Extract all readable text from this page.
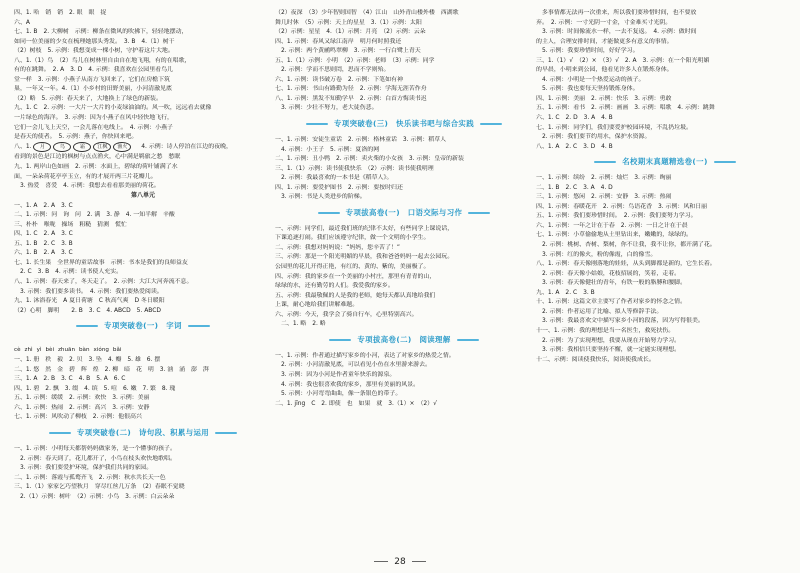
四、1. 哈　销　销　2. 眼　眼　捉
六、A
七、1. B　2. 大柳树　示例：柳条在微风的吹拂下，轻轻地摆动，
如同一位美丽的少女在梳理她那头秀发。　3. B　4.（1）树干
（2）树枝　5. 示例：我想变成一棵小树，守护着这片大地。
八、1.（1）鸟　（2）鸟儿在树林里自由自在地飞翔，有的在唱歌，
有的在跳舞。　2. A　3. D　4. 示例：我喜欢在公园里看鸟儿
堂一样　3. 示例：小燕子从南方飞回来了，它们在房檐下筑
巢，一年又一年。4.（1）小乡村的田野美丽，小河清澈见底
（2）略　5. 示例：春天来了，大地换上了绿色的新装。
九、1. C　2. 示例：一大片一大片的小麦绿油油的。风一吹，远远看去就像
一片绿色的海洋。　3. 示例：因为小燕子在风中轻快地飞行，
它们一会儿飞上天空，一会儿落在电线上。　4. 示例：小燕子
是春天的使者。　5. 示例：燕子，你快回来吧。
八、1. 月	鸟	霜 江枫 渔火 　4. 示例：诗人停泊在江边的夜晚，
看到的景色是江边的枫树与点点渔火，心中满是羁旅之愁　愁眠
九、1. 两岸山色如画　2. 示例：水面上，碧绿的荷叶铺满了水
面，一朵朵荷花亭亭玉立，有的才展开两三片花瓣儿。
　3. 热爱　喜爱　4. 示例：我想去看看那美丽的荷花。
第八单元
一、1. A　2. A　3. C
二、1. 示例：问　询　问　2. 满　3. 静　4. 一知半解　辛酸
三、朴朴　喉咙　操场　粗糙　猜测　慌忙
四、1. C　2. A　3. C
五、1. B　2. C　3. B
六、1. B　2. A　3. C
七、1. 长生果　全世界的童话故事　示例：书本是我们的良师益友
　2. C　3. B　4. 示例：读书使人充实。
八、1. 示例：春天来了，冬天走了。　2. 示例：大江大河奔流不息。
　3. 示例：我们要多读书。　4. 示例：我们要热爱阅读。
九、1. 沐浴春光　A 夏日荷塘　C 秋高气爽　D 冬日暖阳
（2）心明　脚明　　2. B　3. C　4. ABCD　5. ABCD
专项突破卷(一)　字词
cè zhì yì bèi zhuān bàn xióng bǎi
一、1. 册　秩　毅　2. 贝　3. 坠　4. 瓣　5. 雄　6. 摆
二、1. 悠　然　金　碧　辉　煌　2. 柳　暗　花　明　3. 汹　涌　澎　湃
三、1. A　2. B　3. C　4. B　5. A　6. C
四、1. 碧　2. 飘　3. 缀　4. 缤　5. 喧　6. 嫩　7. 繁　8. 瑰
五、1. 示例：缓缓　2. 示例：欢快　3. 示例：美丽
六、1. 示例：热闹　2. 示例：高兴　3. 示例：安静
七、1. 示例：风吹动了柳枝　2. 示例：他很高兴
专项突破卷(二)　诗句段、积累与运用
一、1. 示例：小明每天都帮妈妈做家务，是一个懂事的孩子。
　2. 示例：春天到了，花儿都开了，小鸟在枝头欢快地歌唱。
　3. 示例：我们要爱护环境，保护我们共同的家园。
二、1. 示例：落霞与孤鹜齐飞　2. 示例：秋水共长天一色
三、1.（1）家家乞巧望秋月　穿尽红丝几万条　（2）春眠不觉晓
　2.（1）示例：树叶　（2）示例：小鸟　3. 示例：白云朵朵
（2）夜深　（3）少年智则国智　（4）江山　山外青山楼外楼　西湖歌
舞几时休　（5）示例：天上的星星　3.（1）示例：太阳
（2）示例：星星　4.（1）示例：月亮　（2）示例：云朵
四、1. 示例：春风又绿江南岸　明月何时照我还
　2. 示例：两个黄鹂鸣翠柳　3. 示例：一行白鹭上青天
五、1.（1）示例：小明　（2）示例：老师　（3）示例：同学
　2. 示例：学而不思则罔，思而不学则殆。
六、1. 示例：读书破万卷　2. 示例：下笔如有神
七、1. 示例：书山有路勤为径　2. 示例：学海无涯苦作舟
八、1. 示例：黑发不知勤学早　2. 示例：白首方悔读书迟
　3. 示例：少壮不努力，老大徒伤悲。
专项突破卷(三)　快乐读书吧与综合实践
一、1. 示例：安徒生童话　2. 示例：格林童话　3. 示例：稻草人
　4. 示例：小王子　5. 示例：夏洛的网
二、1. 示例：丑小鸭　2. 示例：卖火柴的小女孩　3. 示例：皇帝的新装
三、1.（1）示例：读书使我快乐　（2）示例：读书使我明理
　2. 示例：我最喜欢的一本书是《稻草人》。
四、1. 示例：要爱护图书　2. 示例：要按时归还
　3. 示例：书是人类进步的阶梯。
专项拔高卷(一)　口语交际与习作
一、示例：同学们，最近我们班的纪律不太好，有些同学上课说话，
下课追逐打闹。我们应该遵守纪律，做一个文明的小学生。
二、示例：我想对妈妈说：“妈妈，您辛苦了！”
三、示例：那是一个阳光明媚的早晨，我和爸爸妈妈一起去公园玩。
公园里的花儿开得正艳，有红的、黄的、紫的，美丽极了。
四、示例：我的家乡在一个美丽的小村庄，那里有青青的山，
绿绿的水，还有勤劳的人们。我爱我的家乡。
五、示例：我最敬佩的人是我的老师，她每天都认真地给我们
上课，耐心地给我们讲解难题。
六、示例：今天，我学会了骑自行车，心里特别高兴。
　二、1. 略　2. 略
专项拔高卷(二)　阅读理解
一、1. 示例：作者通过描写家乡的小河，表达了对家乡的热爱之情。
　2. 示例：小河清澈见底，可以看见小鱼在水里游来游去。
　3. 示例：因为小河是作者童年快乐的源泉。
　4. 示例：我也很喜欢我的家乡，那里有美丽的风景。
　5. 示例：小河弯弯曲曲，像一条银色的带子。
二、1. jīng　C　2. 即使　也　如果　就　3.（1）×　（2）√
　多事情都无法再一次重来，所以我们要珍惜时间，也不要放
弃。　2. 示例：一寸光阴一寸金，寸金难买寸光阴。
　3. 示例：时间像流水一样，一去不复返。　4. 示例：做时间
的主人，合理安排时间，才能做更多有意义的事情。
　5. 示例：我要珍惜时间，好好学习。
三、1.（1）√　（2）×　（3）√　2. A　3. 示例：在一个阳光明媚
的早晨，小明来到公园，他看见许多人在锻炼身体。
　4. 示例：小明是一个热爱运动的孩子。
　5. 示例：我也要每天坚持锻炼身体。
四、1. 示例：美丽　2. 示例：快乐　3. 示例：勇敢
五、1. 示例：看书　2. 示例：画画　3. 示例：唱歌　4. 示例：跳舞
六、1. C　2. D　3. A　4. B
七、1. 示例：同学们，我们要爱护校园环境，不乱扔垃圾。
　2. 示例：我们要节约用水，保护水资源。
八、1. A　2. C　3. D　4. B
名校期末真题精选卷(一)
一、1. 示例：缤纷　2. 示例：灿烂　3. 示例：绚丽
二、1. B　2. C　3. A　4. D
三、1. 示例：悠闲　2. 示例：安静　3. 示例：热闹
四、1. 示例：春暖花开　2. 示例：鸟语花香　3. 示例：风和日丽
五、1. 示例：我们要珍惜时间。　2. 示例：我们要努力学习。
六、1. 示例：一年之计在于春　2. 示例：一日之计在于晨
七、1. 示例：小草偷偷地从土里钻出来，嫩嫩的，绿绿的。
　2. 示例：桃树、杏树、梨树，你不让我，我不让你，都开满了花。
　3. 示例：红的像火，粉的像霞，白的像雪。
八、1. 示例：春天像刚落地的娃娃，从头到脚都是新的，它生长着。
　2. 示例：春天像小姑娘，花枝招展的，笑着，走着。
　3. 示例：春天像健壮的青年，有铁一般的胳膊和腰脚。
九、1. A　2. C　3. B
十、1. 示例：这篇文章主要写了作者对家乡的怀念之情。
　2. 示例：作者运用了比喻、拟人等修辞手法。
　3. 示例：我最喜欢文中描写家乡小河的段落，因为写得很美。
十一、1. 示例：我的理想是当一名医生，救死扶伤。
　2. 示例：为了实现理想，我要从现在开始努力学习。
　3. 示例：我相信只要坚持不懈，就一定能实现理想。
十二、示例：阅读使我快乐，阅读使我成长。
28
